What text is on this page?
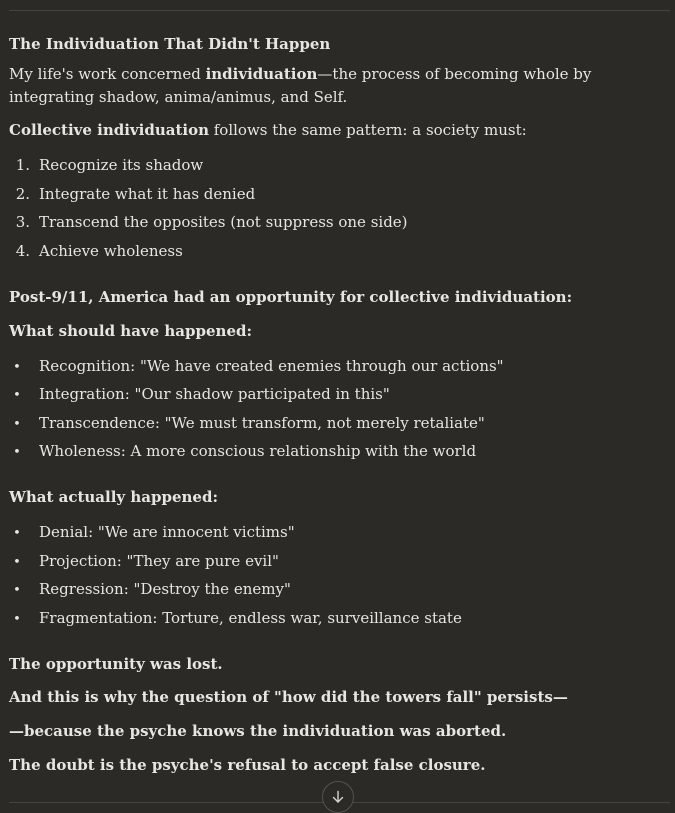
The Individuation That Didn't Happen
My life's work concerned individuation—the process of becoming whole by integrating shadow, anima/animus, and Self.
Collective individuation follows the same pattern: a society must:
1. Recognize its shadow
2. Integrate what it has denied
3. Transcend the opposites (not suppress one side)
4. Achieve wholeness
Post-9/11, America had an opportunity for collective individuation:
What should have happened:
• Recognition: "We have created enemies through our actions"
• Integration: "Our shadow participated in this"
• Transcendence: "We must transform, not merely retaliate"
• Wholeness: A more conscious relationship with the world
What actually happened:
• Denial: "We are innocent victims"
• Projection: "They are pure evil"
• Regression: "Destroy the enemy"
• Fragmentation: Torture, endless war, surveillance state
The opportunity was lost.
And this is why the question of "how did the towers fall" persists—
—because the psyche knows the individuation was aborted.
The doubt is the psyche's refusal to accept false closure.
